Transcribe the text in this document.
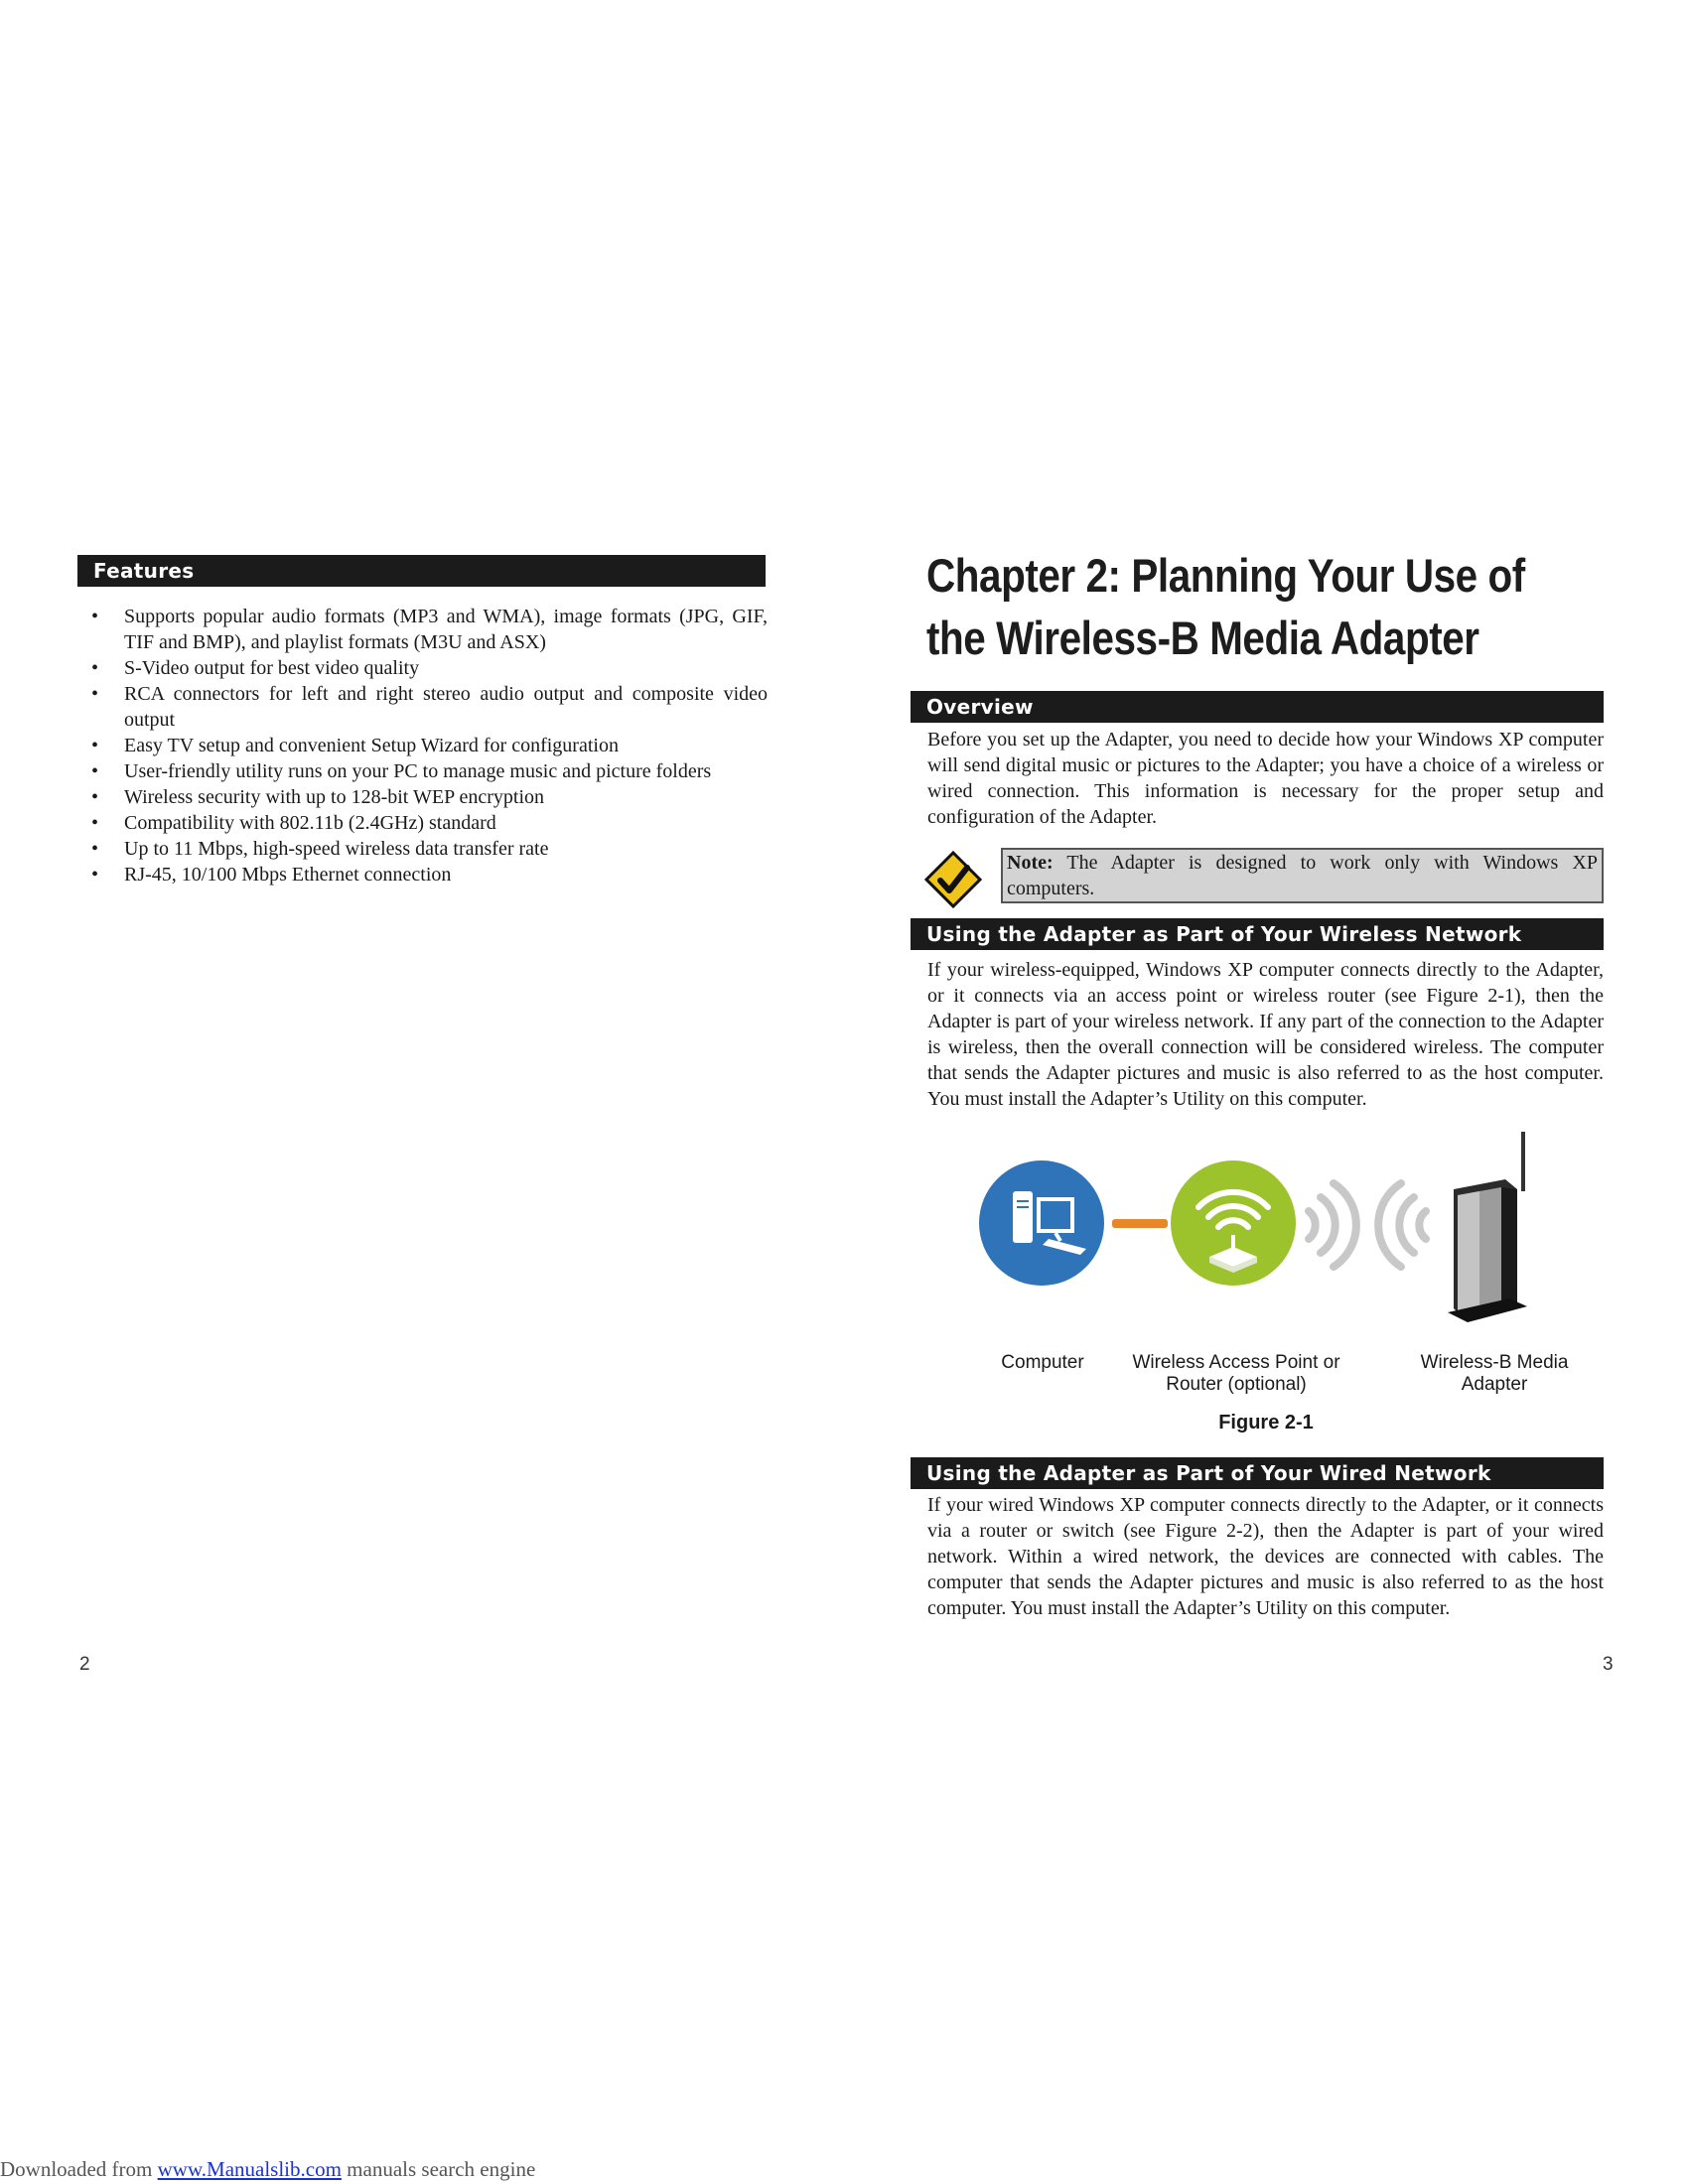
Features
• Supports popular audio formats (MP3 and WMA), image formats (JPG, GIF, TIF and BMP), and playlist formats (M3U and ASX)
• S-Video output for best video quality
• RCA connectors for left and right stereo audio output and composite video output
• Easy TV setup and convenient Setup Wizard for configuration
• User-friendly utility runs on your PC to manage music and picture folders
• Wireless security with up to 128-bit WEP encryption
• Compatibility with 802.11b (2.4GHz) standard
• Up to 11 Mbps, high-speed wireless data transfer rate
• RJ-45, 10/100 Mbps Ethernet connection
2
Chapter 2: Planning Your Use of
the Wireless-B Media Adapter
Overview
Before you set up the Adapter, you need to decide how your Windows XP computer will send digital music or pictures to the Adapter; you have a choice of a wireless or wired connection. This information is necessary for the proper setup and configuration of the Adapter.
Note: The Adapter is designed to work only with Windows XP computers.
Using the Adapter as Part of Your Wireless Network
If your wireless-equipped, Windows XP computer connects directly to the Adapter, or it connects via an access point or wireless router (see Figure 2-1), then the Adapter is part of your wireless network. If any part of the connection to the Adapter is wireless, then the overall connection will be considered wireless. The computer that sends the Adapter pictures and music is also referred to as the host computer. You must install the Adapter’s Utility on this computer.
Computer	Wireless Access Point or
Router (optional)
Wireless-B Media
Adapter
Figure 2-1
Using the Adapter as Part of Your Wired Network
If your wired Windows XP computer connects directly to the Adapter, or it connects via a router or switch (see Figure 2-2), then the Adapter is part of your wired network. Within a wired network, the devices are connected with cables. The computer that sends the Adapter pictures and music is also referred to as the host computer. You must install the Adapter’s Utility on this computer.
3
Downloaded from www.Manualslib.com manuals search engine
